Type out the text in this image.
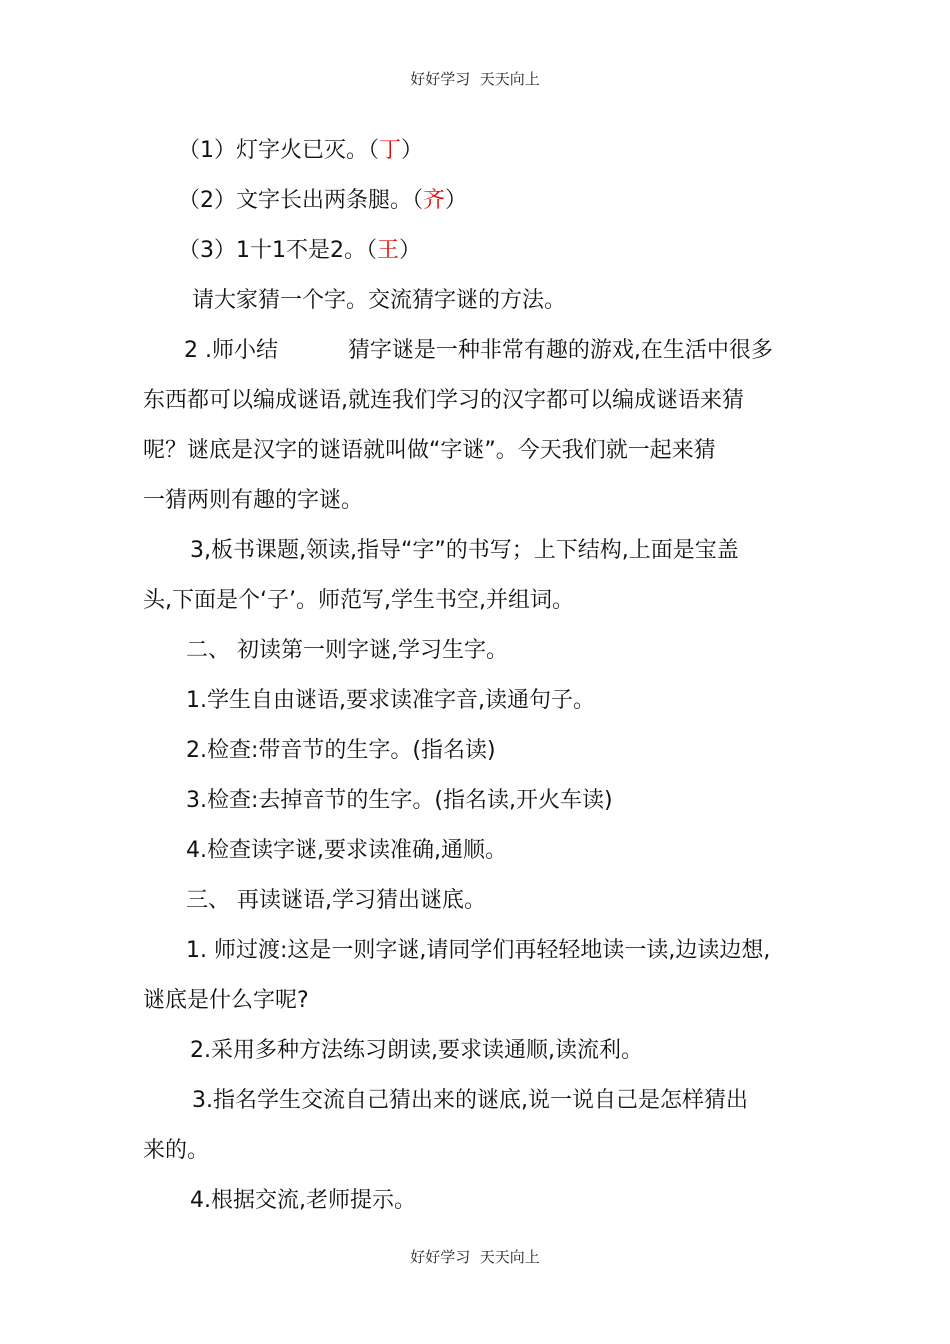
好好学习  天天向上
（1）灯字火已灭。（丁）
（2）文字长出两条腿。（齐）
（3）1十1不是2。（王）
请大家猜一个字。交流猜字谜的方法。
2 .师小结          猜字谜是一种非常有趣的游戏,在生活中很多
东西都可以编成谜语,就连我们学习的汉字都可以编成谜语来猜
呢？谜底是汉字的谜语就叫做“字谜”。今天我们就一起来猜
一猜两则有趣的字谜。
3,板书课题,领读,指导“字”的书写；上下结构,上面是宝盖
头,下面是个‘子’。师范写,学生书空,并组词。
二、 初读第一则字谜,学习生字。
1.学生自由谜语,要求读准字音,读通句子。
2.检查:带音节的生字。(指名读)
3.检查:去掉音节的生字。(指名读,开火车读)
4.检查读字谜,要求读准确,通顺。
三、 再读谜语,学习猜出谜底。
1. 师过渡:这是一则字谜,请同学们再轻轻地读一读,边读边想,
谜底是什么字呢?
2.采用多种方法练习朗读,要求读通顺,读流利。
3.指名学生交流自己猜出来的谜底,说一说自己是怎样猜出
来的。
4.根据交流,老师提示。
好好学习  天天向上
